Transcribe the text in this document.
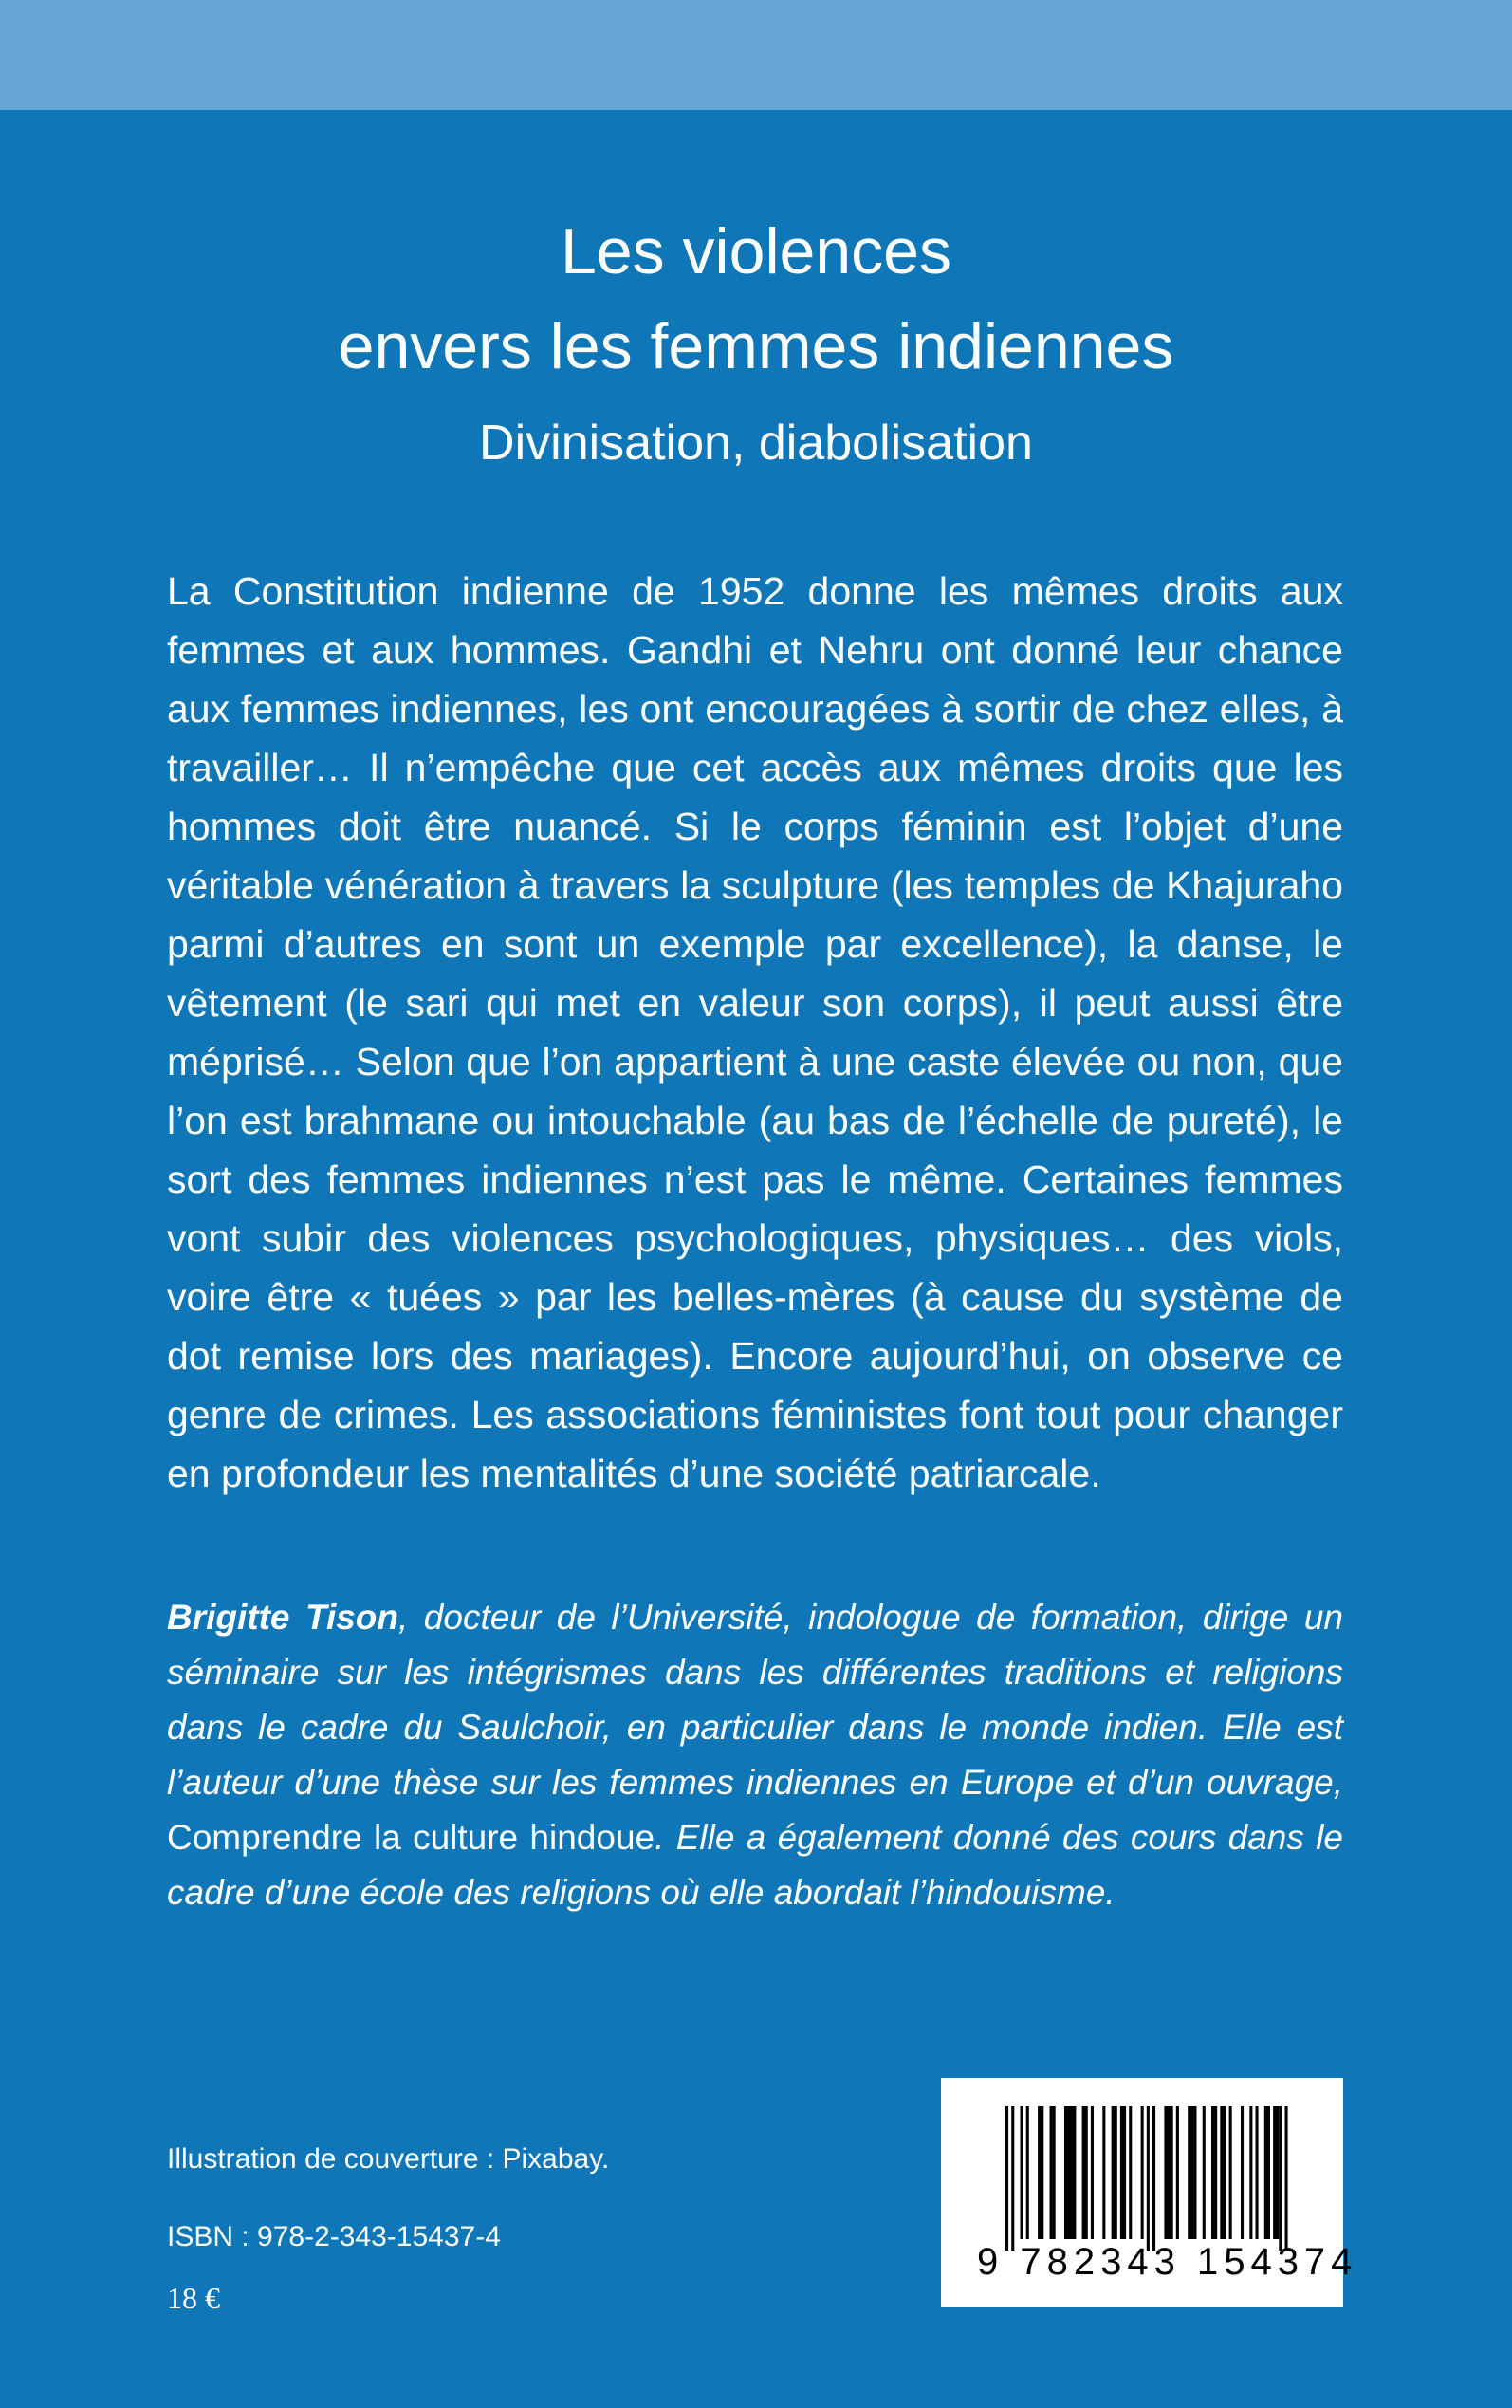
Les violences
envers les femmes indiennes
Divinisation, diabolisation

La Constitution indienne de 1952 donne les mêmes droits aux femmes et aux hommes. Gandhi et Nehru ont donné leur chance aux femmes indiennes, les ont encouragées à sortir de chez elles, à travailler… Il n’empêche que cet accès aux mêmes droits que les hommes doit être nuancé. Si le corps féminin est l’objet d’une véritable vénération à travers la sculpture (les temples de Khajuraho parmi d’autres en sont un exemple par excellence), la danse, le vêtement (le sari qui met en valeur son corps), il peut aussi être méprisé… Selon que l’on appartient à une caste élevée ou non, que l’on est brahmane ou intouchable (au bas de l’échelle de pureté), le sort des femmes indiennes n’est pas le même. Certaines femmes vont subir des violences psychologiques, physiques… des viols, voire être « tuées » par les belles-mères (à cause du système de dot remise lors des mariages). Encore aujourd’hui, on observe ce genre de crimes. Les associations féministes font tout pour changer en profondeur les mentalités d’une société patriarcale.

Brigitte Tison, docteur de l’Université, indologue de formation, dirige un séminaire sur les intégrismes dans les différentes traditions et religions dans le cadre du Saulchoir, en particulier dans le monde indien. Elle est l’auteur d’une thèse sur les femmes indiennes en Europe et d’un ouvrage, Comprendre la culture hindoue. Elle a également donné des cours dans le cadre d’une école des religions où elle abordait l’hindouisme.

Illustration de couverture : Pixabay.
ISBN : 978-2-343-15437-4
18 €
9 782343 154374
